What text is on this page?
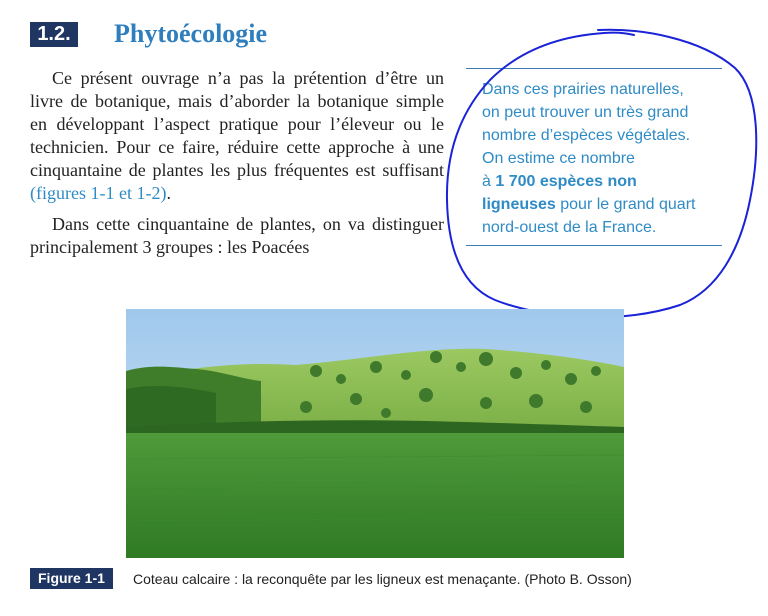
1.2. Phytoécologie

Ce présent ouvrage n’a pas la prétention d’être un livre de botanique, mais d’aborder la botanique simple en développant l’aspect pratique pour l’éleveur ou le technicien. Pour ce faire, réduire cette approche à une cinquantaine de plantes les plus fréquentes est suffisant (figures 1-1 et 1-2).

Dans cette cinquantaine de plantes, on va distinguer principalement 3 groupes : les Poacées

Dans ces prairies naturelles,
on peut trouver un très grand
nombre d’espèces végétales.
On estime ce nombre
à 1 700 espèces non
ligneuses pour le grand quart
nord-ouest de la France.
Figure 1-1	Coteau calcaire : la reconquête par les ligneux est menaçante. (Photo B. Osson)
